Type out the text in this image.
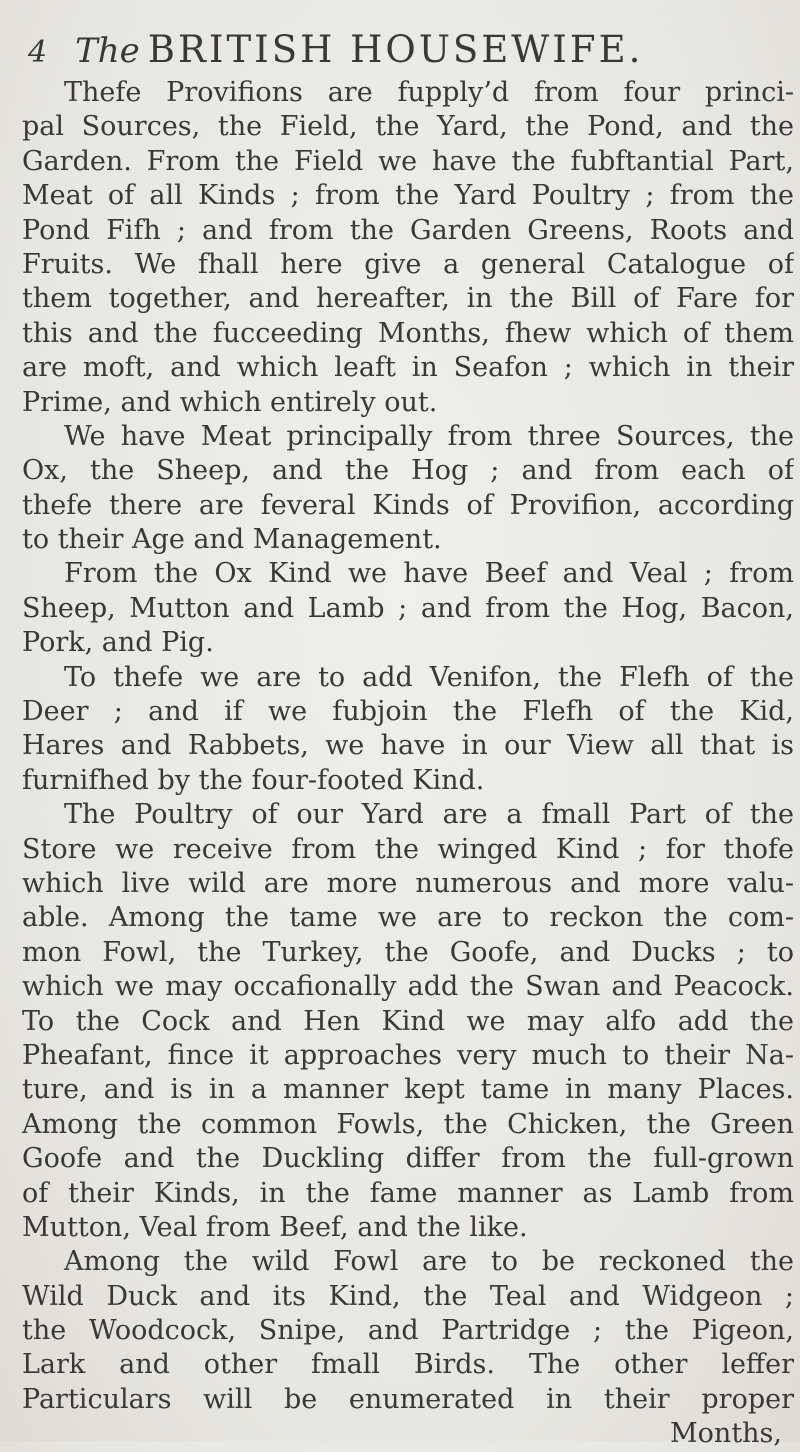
4 The BRITISH HOUSEWIFE.
Thefe Provifions are fupply’d from four princi-
pal Sources, the Field, the Yard, the Pond, and the
Garden. From the Field we have the fubftantial Part,
Meat of all Kinds ; from the Yard Poultry ; from the
Pond Fifh ; and from the Garden Greens, Roots and
Fruits. We fhall here give a general Catalogue of
them together, and hereafter, in the Bill of Fare for
this and the fucceeding Months, fhew which of them
are moft, and which leaft in Seafon ; which in their
Prime, and which entirely out.
We have Meat principally from three Sources, the
Ox, the Sheep, and the Hog ; and from each of
thefe there are feveral Kinds of Provifion, according
to their Age and Management.
From the Ox Kind we have Beef and Veal ; from
Sheep, Mutton and Lamb ; and from the Hog, Bacon,
Pork, and Pig.
To thefe we are to add Venifon, the Flefh of the
Deer ; and if we fubjoin the Flefh of the Kid,
Hares and Rabbets, we have in our View all that is
furnifhed by the four-footed Kind.
The Poultry of our Yard are a fmall Part of the
Store we receive from the winged Kind ; for thofe
which live wild are more numerous and more valu-
able. Among the tame we are to reckon the com-
mon Fowl, the Turkey, the Goofe, and Ducks ; to
which we may occafionally add the Swan and Peacock.
To the Cock and Hen Kind we may alfo add the
Pheafant, fince it approaches very much to their Na-
ture, and is in a manner kept tame in many Places.
Among the common Fowls, the Chicken, the Green
Goofe and the Duckling differ from the full-grown
of their Kinds, in the fame manner as Lamb from
Mutton, Veal from Beef, and the like.
Among the wild Fowl are to be reckoned the
Wild Duck and its Kind, the Teal and Widgeon ;
the Woodcock, Snipe, and Partridge ; the Pigeon,
Lark and other fmall Birds. The other leffer
Particulars will be enumerated in their proper
Months,
